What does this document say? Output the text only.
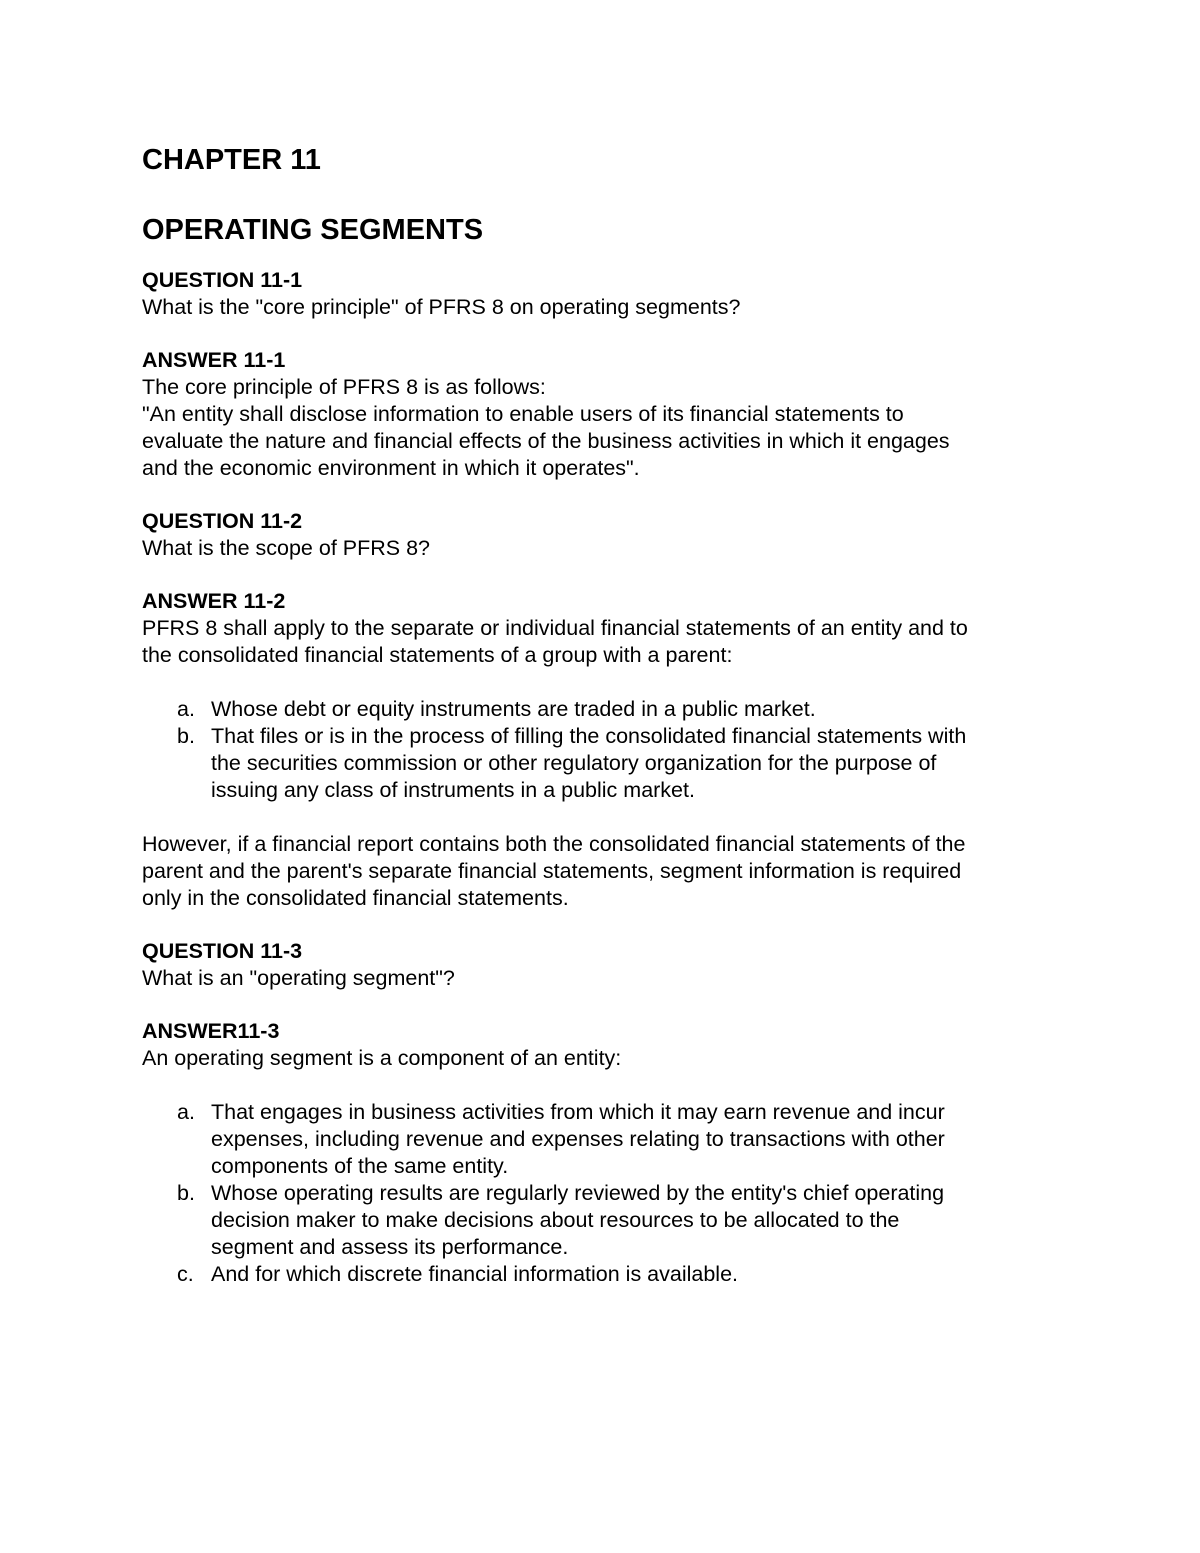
CHAPTER 11
OPERATING SEGMENTS

QUESTION 11-1

What is the "core principle" of PFRS 8 on operating segments?

ANSWER 11-1

The core principle of PFRS 8 is as follows:

"An entity shall disclose information to enable users of its financial statements to

evaluate the nature and financial effects of the business activities in which it engages

and the economic environment in which it operates".

QUESTION 11-2

What is the scope of PFRS 8?

ANSWER 11-2

PFRS 8 shall apply to the separate or individual financial statements of an entity and to

the consolidated financial statements of a group with a parent:

a. Whose debt or equity instruments are traded in a public market.
b. That files or is in the process of filling the consolidated financial statements with
the securities commission or other regulatory organization for the purpose of
issuing any class of instruments in a public market.
However, if a financial report contains both the consolidated financial statements of the
parent and the parent's separate financial statements, segment information is required
only in the consolidated financial statements.

QUESTION 11-3

What is an "operating segment"?

ANSWER11-3

An operating segment is a component of an entity:

a. That engages in business activities from which it may earn revenue and incur
expenses, including revenue and expenses relating to transactions with other
components of the same entity.
b. Whose operating results are regularly reviewed by the entity's chief operating
decision maker to make decisions about resources to be allocated to the
segment and assess its performance.
c. And for which discrete financial information is available.
